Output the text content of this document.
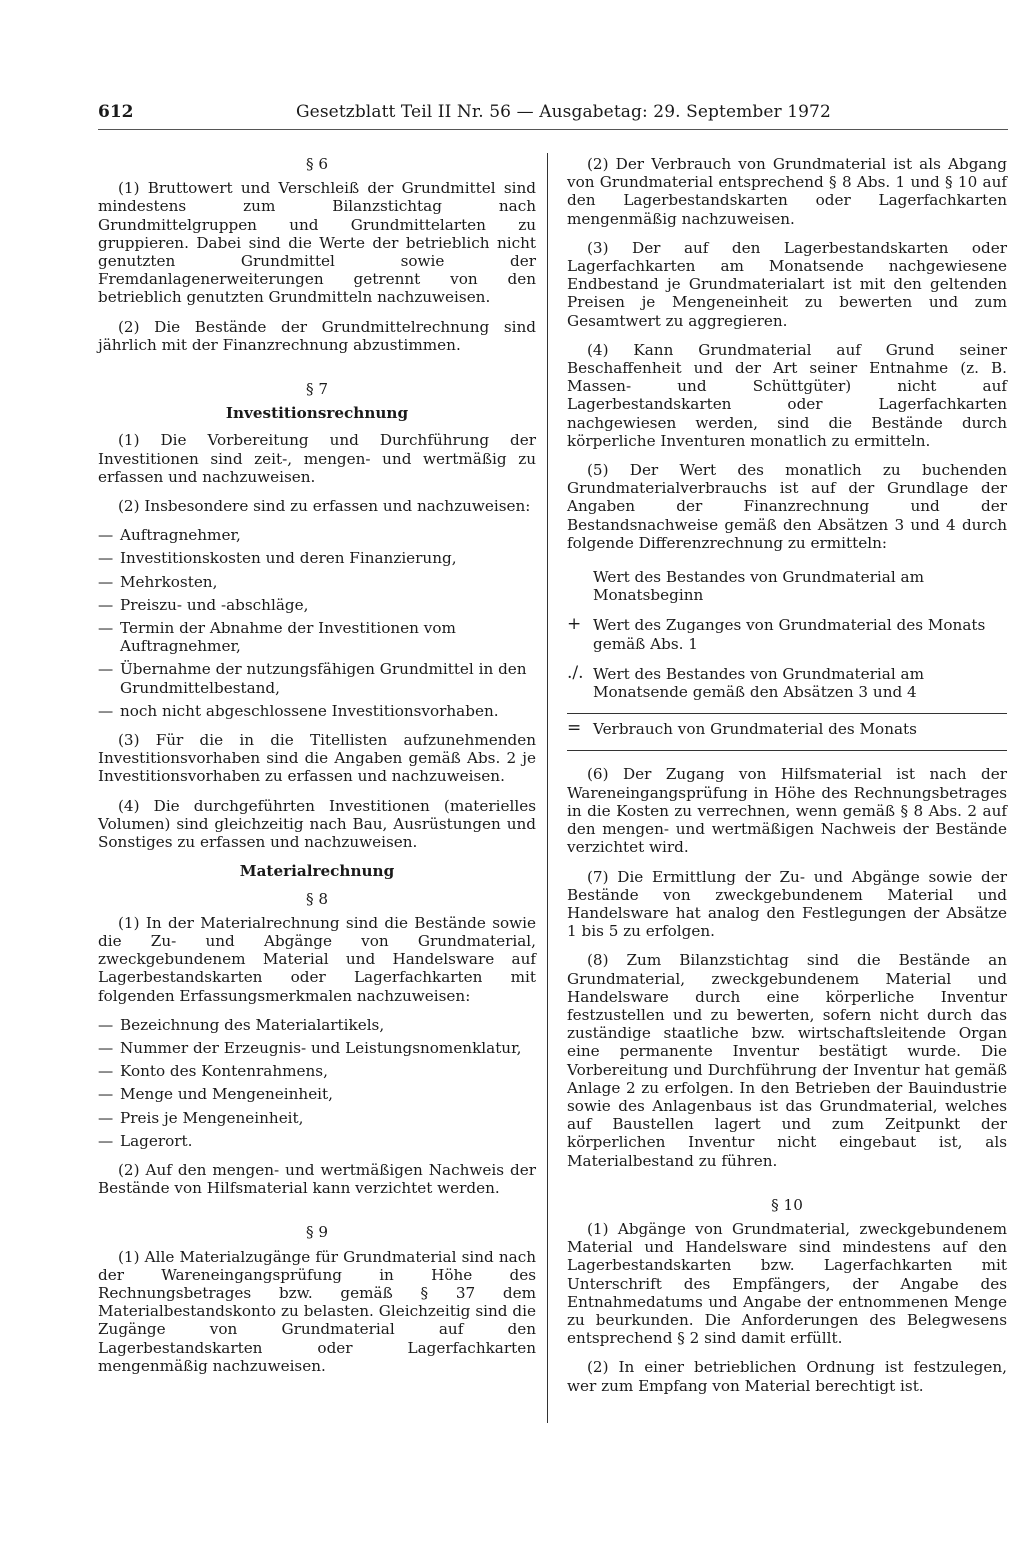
612	Gesetzblatt Teil II Nr. 56 — Ausgabetag: 29. September 1972
§ 6

(1) Bruttowert und Verschleiß der Grundmittel sind mindestens zum Bilanzstichtag nach Grundmittelgruppen und Grundmittelarten zu gruppieren. Dabei sind die Werte der betrieblich nicht genutzten Grundmittel sowie der Fremdanlagenerweiterungen getrennt von den betrieblich genutzten Grundmitteln nachzuweisen.

(2) Die Bestände der Grundmittelrechnung sind jährlich mit der Finanzrechnung abzustimmen.

§ 7
Investitionsrechnung

(1) Die Vorbereitung und Durchführung der Investitionen sind zeit-, mengen- und wertmäßig zu erfassen und nachzuweisen.

(2) Insbesondere sind zu erfassen und nachzuweisen:

— Auftragnehmer,
— Investitionskosten und deren Finanzierung,
— Mehrkosten,
— Preiszu- und -abschläge,
— Termin der Abnahme der Investitionen vom Auftragnehmer,
— Übernahme der nutzungsfähigen Grundmittel in den Grundmittelbestand,
— noch nicht abgeschlossene Investitionsvorhaben.

(3) Für die in die Titellisten aufzunehmenden Investitionsvorhaben sind die Angaben gemäß Abs. 2 je Investitionsvorhaben zu erfassen und nachzuweisen.

(4) Die durchgeführten Investitionen (materielles Volumen) sind gleichzeitig nach Bau, Ausrüstungen und Sonstiges zu erfassen und nachzuweisen.

Materialrechnung
§ 8

(1) In der Materialrechnung sind die Bestände sowie die Zu- und Abgänge von Grundmaterial, zweckgebundenem Material und Handelsware auf Lagerbestandskarten oder Lagerfachkarten mit folgenden Erfassungsmerkmalen nachzuweisen:

— Bezeichnung des Materialartikels,
— Nummer der Erzeugnis- und Leistungsnomenklatur,
— Konto des Kontenrahmens,
— Menge und Mengeneinheit,
— Preis je Mengeneinheit,
— Lagerort.

(2) Auf den mengen- und wertmäßigen Nachweis der Bestände von Hilfsmaterial kann verzichtet werden.

§ 9

(1) Alle Materialzugänge für Grundmaterial sind nach der Wareneingangsprüfung in Höhe des Rechnungsbetrages bzw. gemäß § 37 dem Materialbestandskonto zu belasten. Gleichzeitig sind die Zugänge von Grundmaterial auf den Lagerbestandskarten oder Lagerfachkarten mengenmäßig nachzuweisen.

(2) Der Verbrauch von Grundmaterial ist als Abgang von Grundmaterial entsprechend § 8 Abs. 1 und § 10 auf den Lagerbestandskarten oder Lagerfachkarten mengenmäßig nachzuweisen.

(3) Der auf den Lagerbestandskarten oder Lagerfachkarten am Monatsende nachgewiesene Endbestand je Grundmaterialart ist mit den geltenden Preisen je Mengeneinheit zu bewerten und zum Gesamtwert zu aggregieren.

(4) Kann Grundmaterial auf Grund seiner Beschaffenheit und der Art seiner Entnahme (z. B. Massen- und Schüttgüter) nicht auf Lagerbestandskarten oder Lagerfachkarten nachgewiesen werden, sind die Bestände durch körperliche Inventuren monatlich zu ermitteln.

(5) Der Wert des monatlich zu buchenden Grundmaterialverbrauchs ist auf der Grundlage der Angaben der Finanzrechnung und der Bestandsnachweise gemäß den Absätzen 3 und 4 durch folgende Differenzrechnung zu ermitteln:

Wert des Bestandes von Grundmaterial am Monatsbeginn
+ Wert des Zuganges von Grundmaterial des Monats gemäß Abs. 1
./. Wert des Bestandes von Grundmaterial am Monatsende gemäß den Absätzen 3 und 4
= Verbrauch von Grundmaterial des Monats

(6) Der Zugang von Hilfsmaterial ist nach der Wareneingangsprüfung in Höhe des Rechnungsbetrages in die Kosten zu verrechnen, wenn gemäß § 8 Abs. 2 auf den mengen- und wertmäßigen Nachweis der Bestände verzichtet wird.

(7) Die Ermittlung der Zu- und Abgänge sowie der Bestände von zweckgebundenem Material und Handelsware hat analog den Festlegungen der Absätze 1 bis 5 zu erfolgen.

(8) Zum Bilanzstichtag sind die Bestände an Grundmaterial, zweckgebundenem Material und Handelsware durch eine körperliche Inventur festzustellen und zu bewerten, sofern nicht durch das zuständige staatliche bzw. wirtschaftsleitende Organ eine permanente Inventur bestätigt wurde. Die Vorbereitung und Durchführung der Inventur hat gemäß Anlage 2 zu erfolgen. In den Betrieben der Bauindustrie sowie des Anlagenbaus ist das Grundmaterial, welches auf Baustellen lagert und zum Zeitpunkt der körperlichen Inventur nicht eingebaut ist, als Materialbestand zu führen.

§ 10

(1) Abgänge von Grundmaterial, zweckgebundenem Material und Handelsware sind mindestens auf den Lagerbestandskarten bzw. Lagerfachkarten mit Unterschrift des Empfängers, der Angabe des Entnahmedatums und Angabe der entnommenen Menge zu beurkunden. Die Anforderungen des Belegwesens entsprechend § 2 sind damit erfüllt.

(2) In einer betrieblichen Ordnung ist festzulegen, wer zum Empfang von Material berechtigt ist.
